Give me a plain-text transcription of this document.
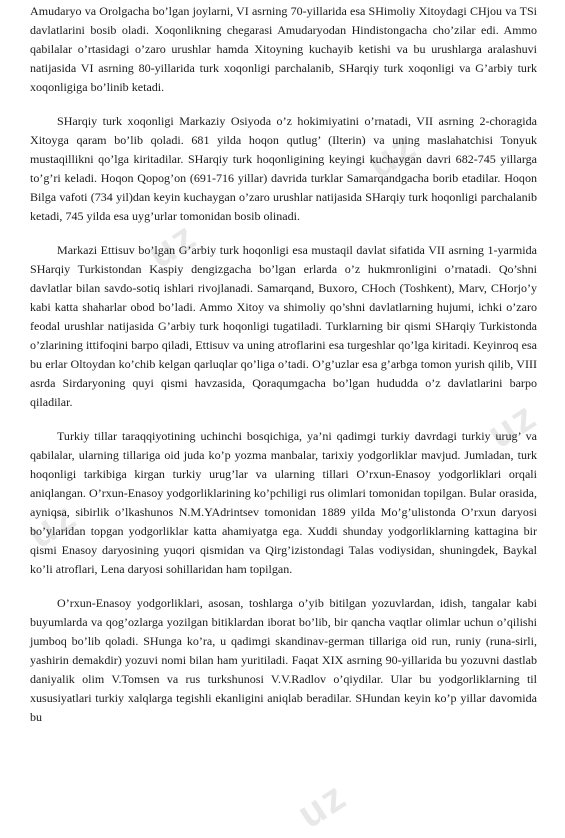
uz
uz
uz
uz
uz

Amudaryo va Orolgacha bo’lgan joylarni, VI asrning 70-yillarida esa SHimoliy Xitoydagi CHjou va TSi davlatlarini bosib oladi. Xoqonlikning chegarasi Amudaryodan Hindistongacha cho’zilar edi. Ammo qabilalar o’rtasidagi o’zaro urushlar hamda Xitoyning kuchayib ketishi va bu urushlarga aralashuvi natijasida VI asrning 80-yillarida turk xoqonligi parchalanib, SHarqiy turk xoqonligi va G’arbiy turk xoqonligiga bo’linib ketadi.

SHarqiy turk xoqonligi Markaziy Osiyoda o’z hokimiyatini o’rnatadi, VII asrning 2-choragida Xitoyga qaram bo’lib qoladi. 681 yilda hoqon qutlug’ (Ilterin) va uning maslahatchisi Tonyuk mustaqillikni qo’lga kiritadilar. SHarqiy turk hoqonligining keyingi kuchaygan davri 682-745 yillarga to’g’ri keladi. Hoqon Qopog’on (691-716 yillar) davrida turklar Samarqandgacha borib etadilar. Hoqon Bilga vafoti (734 yil)dan keyin kuchaygan o’zaro urushlar natijasida SHarqiy turk hoqonligi parchalanib ketadi, 745 yilda esa uyg’urlar tomonidan bosib olinadi.

Markazi Ettisuv bo’lgan G’arbiy turk hoqonligi esa mustaqil davlat sifatida VII asrning 1-yarmida SHarqiy Turkistondan Kaspiy dengizgacha bo’lgan erlarda o’z hukmronligini o’rnatadi. Qo’shni davlatlar bilan savdo-sotiq ishlari rivojlanadi. Samarqand, Buxoro, CHoch (Toshkent), Marv, CHorjo’y kabi katta shaharlar obod bo’ladi. Ammo Xitoy va shimoliy qo’shni davlatlarning hujumi, ichki o’zaro feodal urushlar natijasida G’arbiy turk hoqonligi tugatiladi. Turklarning bir qismi SHarqiy Turkistonda o’zlarining ittifoqini barpo qiladi, Ettisuv va uning atroflarini esa turgeshlar qo’lga kiritadi. Keyinroq esa bu erlar Oltoydan ko’chib kelgan qarluqlar qo’liga o’tadi. O’g’uzlar esa g’arbga tomon yurish qilib, VIII asrda Sirdaryoning quyi qismi havzasida, Qoraqumgacha bo’lgan hududda o’z davlatlarini barpo qiladilar.

Turkiy tillar taraqqiyotining uchinchi bosqichiga, ya’ni qadimgi turkiy davrdagi turkiy urug’ va qabilalar, ularning tillariga oid juda ko’p yozma manbalar, tarixiy yodgorliklar mavjud. Jumladan, turk hoqonligi tarkibiga kirgan turkiy urug’lar va ularning tillari O’rxun-Enasoy yodgorliklari orqali aniqlangan. O’rxun-Enasoy yodgorliklarining ko’pchiligi rus olimlari tomonidan topilgan. Bular orasida, ayniqsa, sibirlik o’lkashunos N.M.YAdrintsev tomonidan 1889 yilda Mo’g’ulistonda O’rxun daryosi bo’ylaridan topgan yodgorliklar katta ahamiyatga ega. Xuddi shunday yodgorliklarning kattagina bir qismi Enasoy daryosining yuqori qismidan va Qirg’izistondagi Talas vodiysidan, shuningdek, Baykal ko’li atroflari, Lena daryosi sohillaridan ham topilgan.

O’rxun-Enasoy yodgorliklari, asosan, toshlarga o’yib bitilgan yozuvlardan, idish, tangalar kabi buyumlarda va qog’ozlarga yozilgan bitiklardan iborat bo’lib, bir qancha vaqtlar olimlar uchun o’qilishi jumboq bo’lib qoladi. SHunga ko’ra, u qadimgi skandinav-german tillariga oid run, runiy (runa-sirli, yashirin demakdir) yozuvi nomi bilan ham yuritiladi. Faqat XIX asrning 90-yillarida bu yozuvni dastlab daniyalik olim V.Tomsen va rus turkshunosi V.V.Radlov o’qiydilar. Ular bu yodgorliklarning til xususiyatlari turkiy xalqlarga tegishli ekanligini aniqlab beradilar. SHundan keyin ko’p yillar davomida bu
